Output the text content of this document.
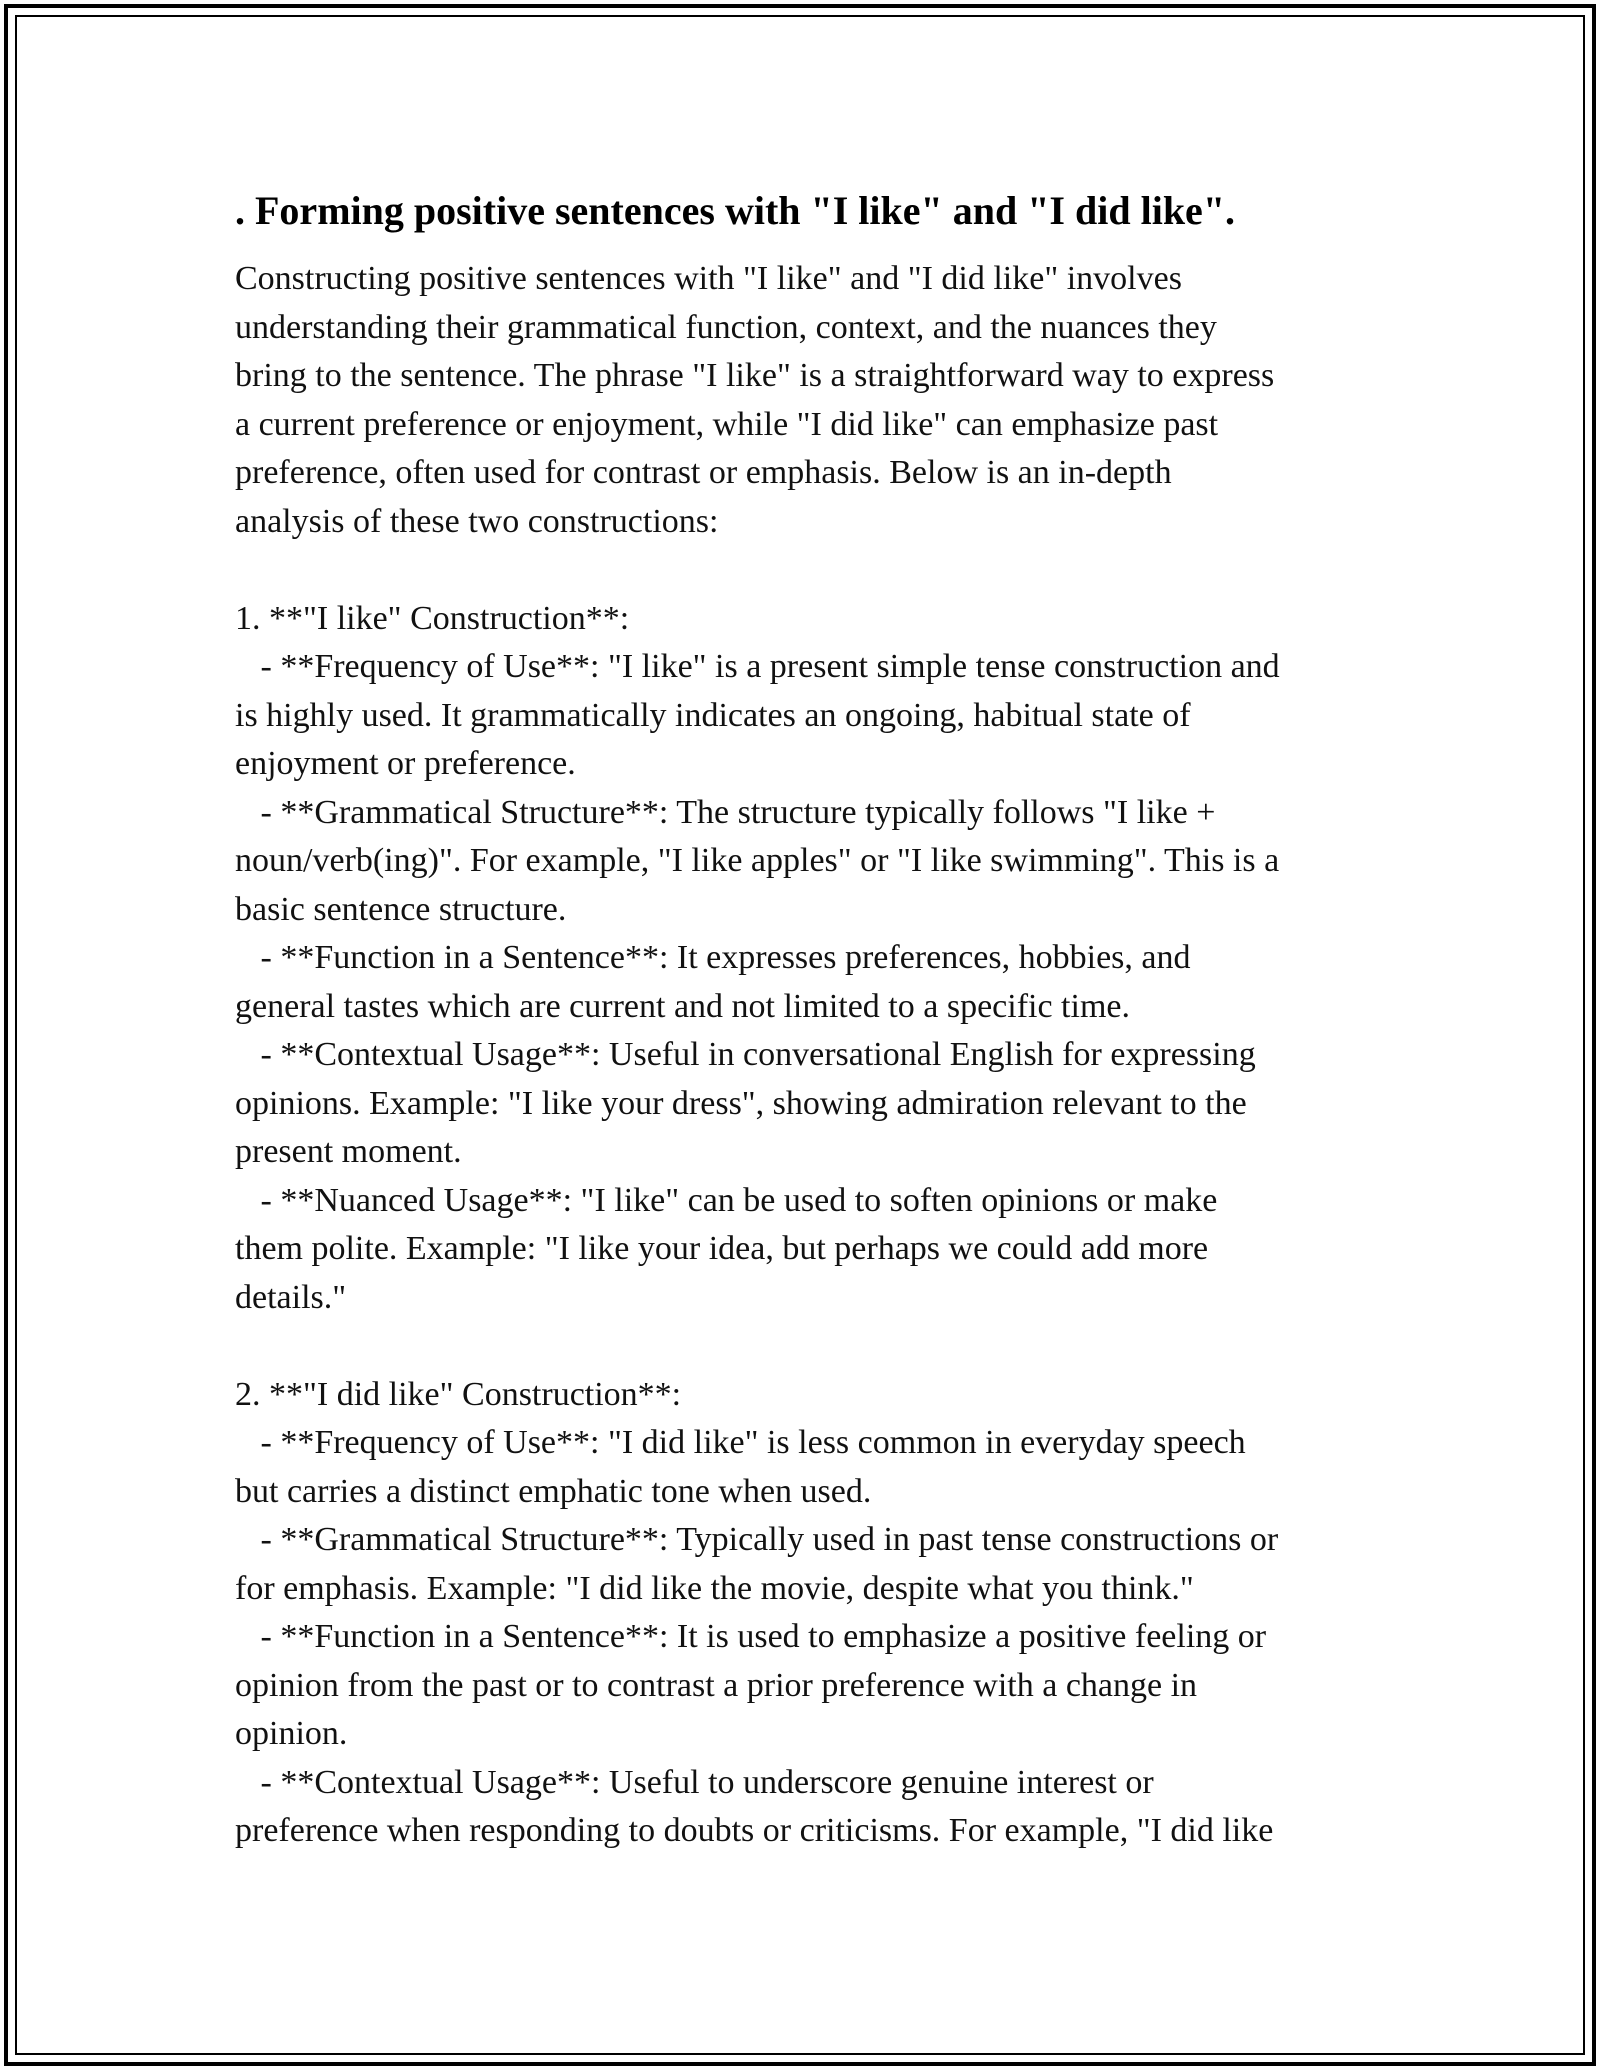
. Forming positive sentences with "I like" and "I did like".

Constructing positive sentences with "I like" and "I did like" involves
understanding their grammatical function, context, and the nuances they
bring to the sentence. The phrase "I like" is a straightforward way to express
a current preference or enjoyment, while "I did like" can emphasize past
preference, often used for contrast or emphasis. Below is an in-depth
analysis of these two constructions:

1. **"I like" Construction**:
- **Frequency of Use**: "I like" is a present simple tense construction and
is highly used. It grammatically indicates an ongoing, habitual state of
enjoyment or preference.
- **Grammatical Structure**: The structure typically follows "I like +
noun/verb(ing)". For example, "I like apples" or "I like swimming". This is a
basic sentence structure.
- **Function in a Sentence**: It expresses preferences, hobbies, and
general tastes which are current and not limited to a specific time.
- **Contextual Usage**: Useful in conversational English for expressing
opinions. Example: "I like your dress", showing admiration relevant to the
present moment.
- **Nuanced Usage**: "I like" can be used to soften opinions or make
them polite. Example: "I like your idea, but perhaps we could add more
details."

2. **"I did like" Construction**:
- **Frequency of Use**: "I did like" is less common in everyday speech
but carries a distinct emphatic tone when used.
- **Grammatical Structure**: Typically used in past tense constructions or
for emphasis. Example: "I did like the movie, despite what you think."
- **Function in a Sentence**: It is used to emphasize a positive feeling or
opinion from the past or to contrast a prior preference with a change in
opinion.
- **Contextual Usage**: Useful to underscore genuine interest or
preference when responding to doubts or criticisms. For example, "I did like
